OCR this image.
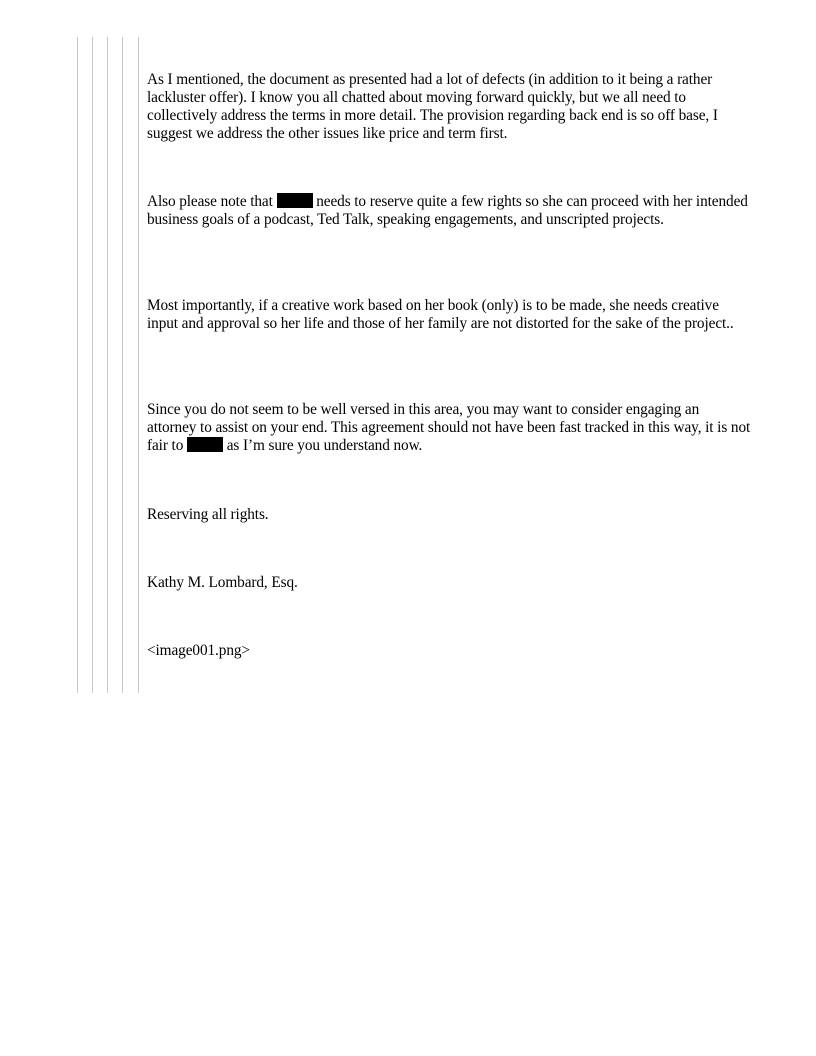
As I mentioned, the document as presented had a lot of defects (in addition to it being a rather lackluster offer). I know you all chatted about moving forward quickly, but we all need to collectively address the terms in more detail. The provision regarding back end is so off base, I suggest we address the other issues like price and term first.

Also please note that  needs to reserve quite a few rights so she can proceed with her intended business goals of a podcast, Ted Talk, speaking engagements, and unscripted projects.

Most importantly, if a creative work based on her book (only) is to be made, she needs creative input and approval so her life and those of her family are not distorted for the sake of the project..

Since you do not seem to be well versed in this area, you may want to consider engaging an attorney to assist on your end. This agreement should not have been fast tracked in this way, it is not fair to  as I’m sure you understand now.

Reserving all rights.

Kathy M. Lombard, Esq.

<image001.png>
